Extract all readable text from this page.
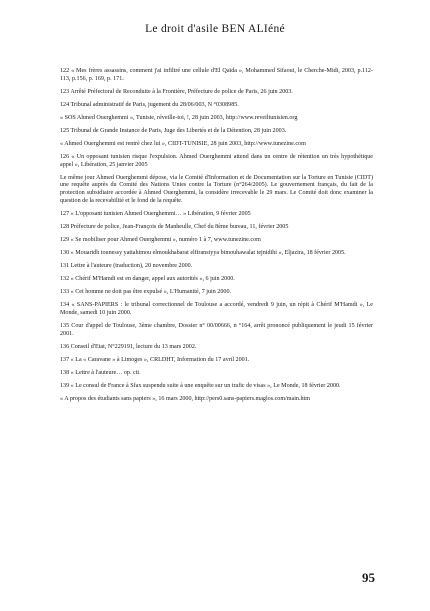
Le droit d'asile BEN ALIéné

122 « Mes frères assassins, comment j'ai infiltré une cellule d'El Qaïda », Mohammed Sifaoui, le Cherche-Midi, 2003, p.112-113, p.156, p. 169, p. 171.

123 Arrêté Préfectoral de Reconduite à la Frontière, Préfecture de police de Paris, 26 juin 2003.

124 Tribunal administratif de Paris, jugement du 28/06/003, N °0308985.

« SOS Ahmed Ouerghemmi », Tunisie, réveille-toi, !, 28 juin 2003, http://www.reveiltunisien.org

125 Tribunal de Grande Instance de Paris, Juge des Libertés et de la Détention, 28 juin 2003.

« Ahmed Ouerghemmi est rentré chez lui », CIDT-TUNISIE, 28 juin 2003, http://www.tunezine.com

126 « Un opposant tunisien risque l'expulsion. Ahmed Ouerghemmi attend dans un centre de rétention un très hypothétique appel », Libération, 25 janvier 2005

Le même jour Ahmed Ouerghemmi dépose, via le Comité d'Information et de Documentation sur la Torture en Tunisie (CIDT) une requête auprès du Comité des Nations Unies contre la Torture (n°264/2005). Le gouvernement français, du fait de la protection subsidiaire accordée à Ahmed Ouerghemmi, la considère irrecevable le 29 mars. Le Comité doit donc examiner la question de la recevabilité et le fond de la requête.

127 « L'opposant tunisien Ahmed Ouerghemmi… » Libération, 9 février 2005

128 Préfecture de police, Jean-François de Manheulle, Chef du 8ème bureau, 11, février 2005

129 « Se mobiliser pour Ahmed Ouerghemmi », numéro 1 à 7, www.tunezine.com

130 « Mouaridh tounessy yattahimou elmoukhabarat elfiransiyya bimouhawalat tejnidihi », Eljazira, 18 février 2005.

131 Lettre à l'auteure (traduction), 20 novembre 2000.

132 « Chérif M'Hamdi est en danger, appel aux autorités », 6 juin 2000.

133 « Cet homme ne doit pas être expulsé », L'Humanité, 7 juin 2000.

134 « SANS-PAPIERS : le tribunal correctionnel de Toulouse a accordé, vendredi 9 juin, un répit à Chérif M'Hamdi », Le Monde, samedi 10 juin 2000.

135 Cour d'appel de Toulouse, 3ème chambre, Dossier n° 00/00666, n °164, arrêt prononcé publiquement le jeudi 15 février 2001.

136 Conseil d'Etat, N°229191, lecture du 13 mars 2002.

137 « La « Caravane » à Limoges », CRLDHT, Information du 17 avril 2001.

138 « Lettre à l'auteure… op. cit.

139 « Le consul de France à Sfax suspendu suite à une enquête sur un trafic de visas », Le Monde, 18 février 2000.

« A propos des étudiants sans papiers », 16 mars 2000, http://pers0.sans-papiers.maglos.com/main.htm

95
